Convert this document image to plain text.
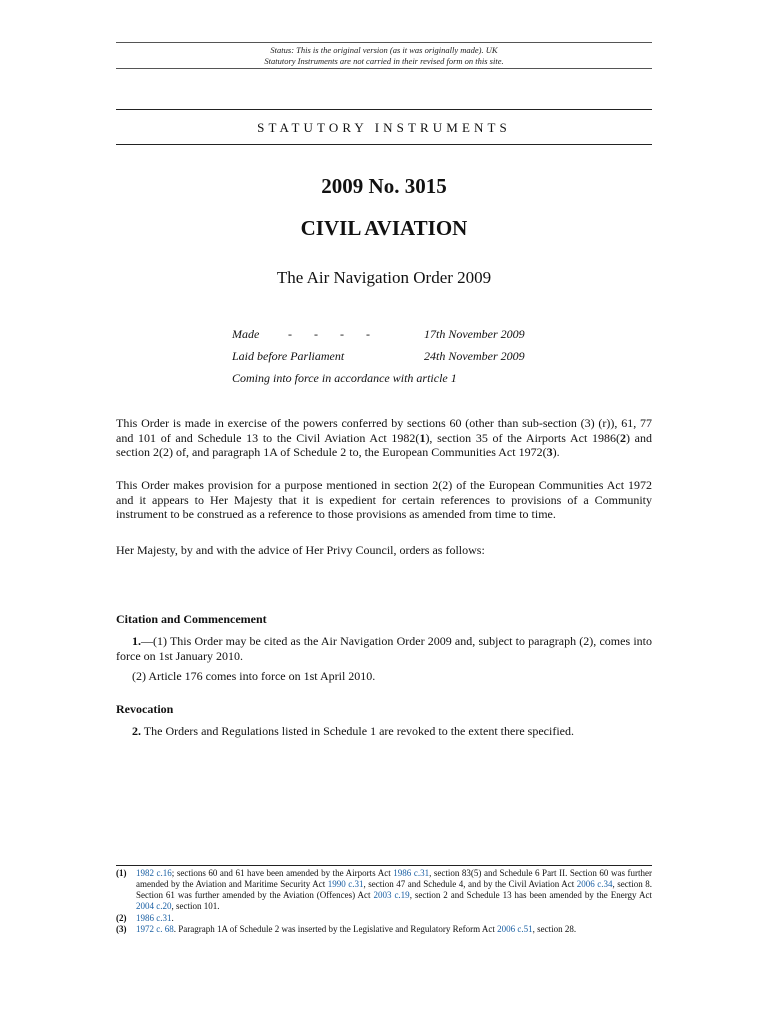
Status: This is the original version (as it was originally made). UK
Statutory Instruments are not carried in their revised form on this site.
STATUTORY INSTRUMENTS
2009 No. 3015
CIVIL AVIATION
The Air Navigation Order 2009
Made - - - -	17th November 2009
Laid before Parliament	24th November 2009
Coming into force in accordance with article 1
This Order is made in exercise of the powers conferred by sections 60 (other than sub-section (3) (r)), 61, 77 and 101 of and Schedule 13 to the Civil Aviation Act 1982(1), section 35 of the Airports Act 1986(2) and section 2(2) of, and paragraph 1A of Schedule 2 to, the European Communities Act 1972(3).
This Order makes provision for a purpose mentioned in section 2(2) of the European Communities Act 1972 and it appears to Her Majesty that it is expedient for certain references to provisions of a Community instrument to be construed as a reference to those provisions as amended from time to time.
Her Majesty, by and with the advice of Her Privy Council, orders as follows:
Citation and Commencement
1.—(1) This Order may be cited as the Air Navigation Order 2009 and, subject to paragraph (2), comes into force on 1st January 2010.
(2) Article 176 comes into force on 1st April 2010.
Revocation
2. The Orders and Regulations listed in Schedule 1 are revoked to the extent there specified.
(1) 1982 c.16; sections 60 and 61 have been amended by the Airports Act 1986 c.31, section 83(5) and Schedule 6 Part II. Section 60 was further amended by the Aviation and Maritime Security Act 1990 c.31, section 47 and Schedule 4, and by the Civil Aviation Act 2006 c.34, section 8. Section 61 was further amended by the Aviation (Offences) Act 2003 c.19, section 2 and Schedule 13 has been amended by the Energy Act 2004 c.20, section 101.
(2) 1986 c.31.
(3) 1972 c. 68. Paragraph 1A of Schedule 2 was inserted by the Legislative and Regulatory Reform Act 2006 c.51, section 28.
